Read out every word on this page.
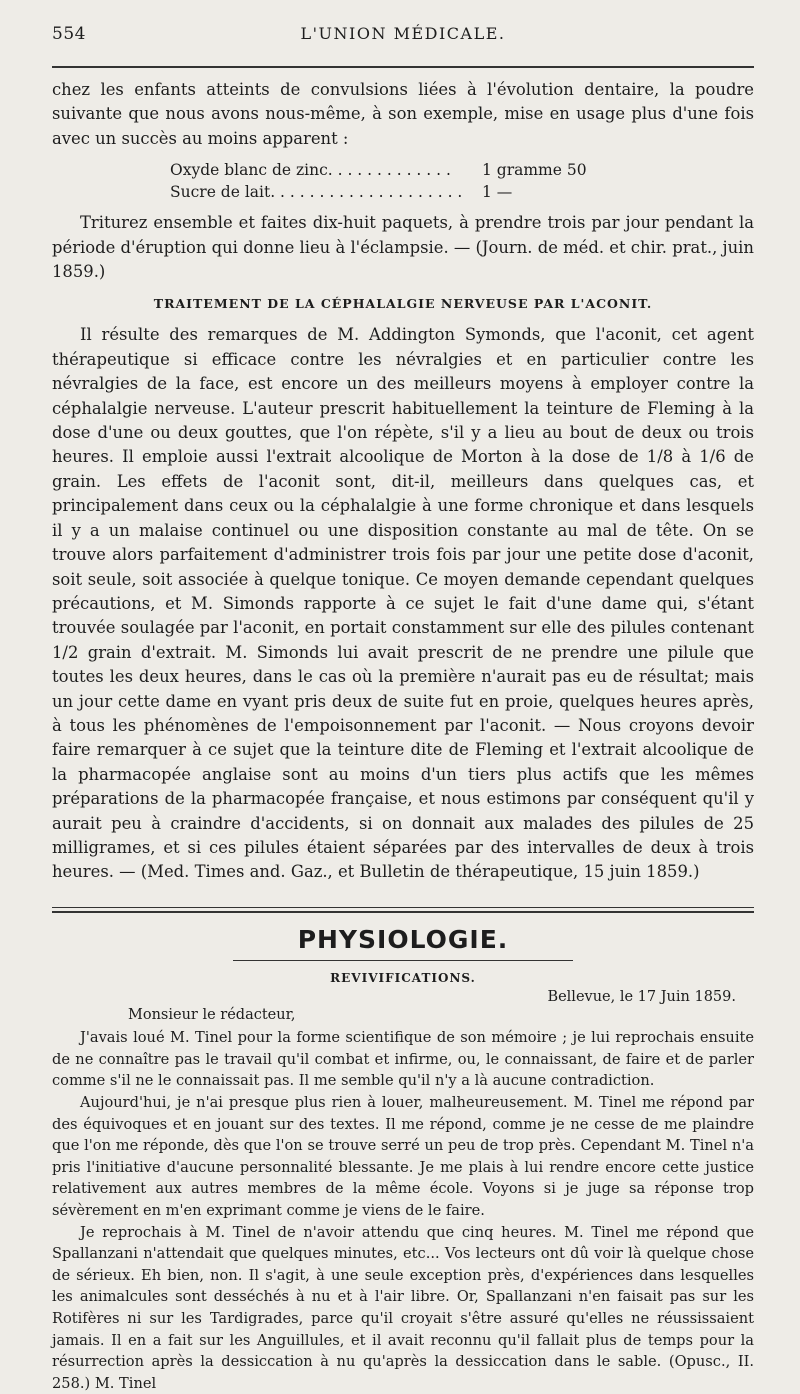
554	L'UNION MÉDICALE.

chez les enfants atteints de convulsions liées à l'évolution dentaire, la poudre suivante que nous avons nous-même, à son exemple, mise en usage plus d'une fois avec un succès au moins apparent :

Oxyde blanc de zinc. . . . . . . . . . . . .	1 gramme 50
Sucre de lait. . . . . . . . . . . . . . . . . . . .	1 —

Triturez ensemble et faites dix-huit paquets, à prendre trois par jour pendant la période d'éruption qui donne lieu à l'éclampsie. — (Journ. de méd. et chir. prat., juin 1859.)

TRAITEMENT DE LA CÉPHALALGIE NERVEUSE PAR L'ACONIT.

Il résulte des remarques de M. Addington Symonds, que l'aconit, cet agent thérapeutique si efficace contre les névralgies et en particulier contre les névralgies de la face, est encore un des meilleurs moyens à employer contre la céphalalgie nerveuse. L'auteur prescrit habituellement la teinture de Fleming à la dose d'une ou deux gouttes, que l'on répète, s'il y a lieu au bout de deux ou trois heures. Il emploie aussi l'extrait alcoolique de Morton à la dose de 1/8 à 1/6 de grain. Les effets de l'aconit sont, dit-il, meilleurs dans quelques cas, et principalement dans ceux ou la céphalalgie à une forme chronique et dans lesquels il y a un malaise continuel ou une disposition constante au mal de tête. On se trouve alors parfaitement d'administrer trois fois par jour une petite dose d'aconit, soit seule, soit associée à quelque tonique. Ce moyen demande cependant quelques précautions, et M. Simonds rapporte à ce sujet le fait d'une dame qui, s'étant trouvée soulagée par l'aconit, en portait constamment sur elle des pilules contenant 1/2 grain d'extrait. M. Simonds lui avait prescrit de ne prendre une pilule que toutes les deux heures, dans le cas où la première n'aurait pas eu de résultat; mais un jour cette dame en vyant pris deux de suite fut en proie, quelques heures après, à tous les phénomènes de l'empoisonnement par l'aconit. — Nous croyons devoir faire remarquer à ce sujet que la teinture dite de Fleming et l'extrait alcoolique de la pharmacopée anglaise sont au moins d'un tiers plus actifs que les mêmes préparations de la pharmacopée française, et nous estimons par conséquent qu'il y aurait peu à craindre d'accidents, si on donnait aux malades des pilules de 25 milligrames, et si ces pilules étaient séparées par des intervalles de deux à trois heures. — (Med. Times and. Gaz., et Bulletin de thérapeutique, 15 juin 1859.)

PHYSIOLOGIE.
REVIVIFICATIONS.
Bellevue, le 17 Juin 1859.
Monsieur le rédacteur,

J'avais loué M. Tinel pour la forme scientifique de son mémoire ; je lui reprochais ensuite de ne connaître pas le travail qu'il combat et infirme, ou, le connaissant, de faire et de parler comme s'il ne le connaissait pas. Il me semble qu'il n'y a là aucune contradiction.

Aujourd'hui, je n'ai presque plus rien à louer, malheureusement. M. Tinel me répond par des équivoques et en jouant sur des textes. Il me répond, comme je ne cesse de me plaindre que l'on me réponde, dès que l'on se trouve serré un peu de trop près. Cependant M. Tinel n'a pris l'initiative d'aucune personnalité blessante. Je me plais à lui rendre encore cette justice relativement aux autres membres de la même école. Voyons si je juge sa réponse trop sévèrement en m'en exprimant comme je viens de le faire.

Je reprochais à M. Tinel de n'avoir attendu que cinq heures. M. Tinel me répond que Spallanzani n'attendait que quelques minutes, etc... Vos lecteurs ont dû voir là quelque chose de sérieux. Eh bien, non. Il s'agit, à une seule exception près, d'expériences dans lesquelles les animalcules sont desséchés à nu et à l'air libre. Or, Spallanzani n'en faisait pas sur les Rotifères ni sur les Tardigrades, parce qu'il croyait s'être assuré qu'elles ne réussissaient jamais. Il en a fait sur les Anguillules, et il avait reconnu qu'il fallait plus de temps pour la résurrection après la dessiccation à nu qu'après la dessiccation dans le sable. (Opusc., II. 258.) M. Tinel
